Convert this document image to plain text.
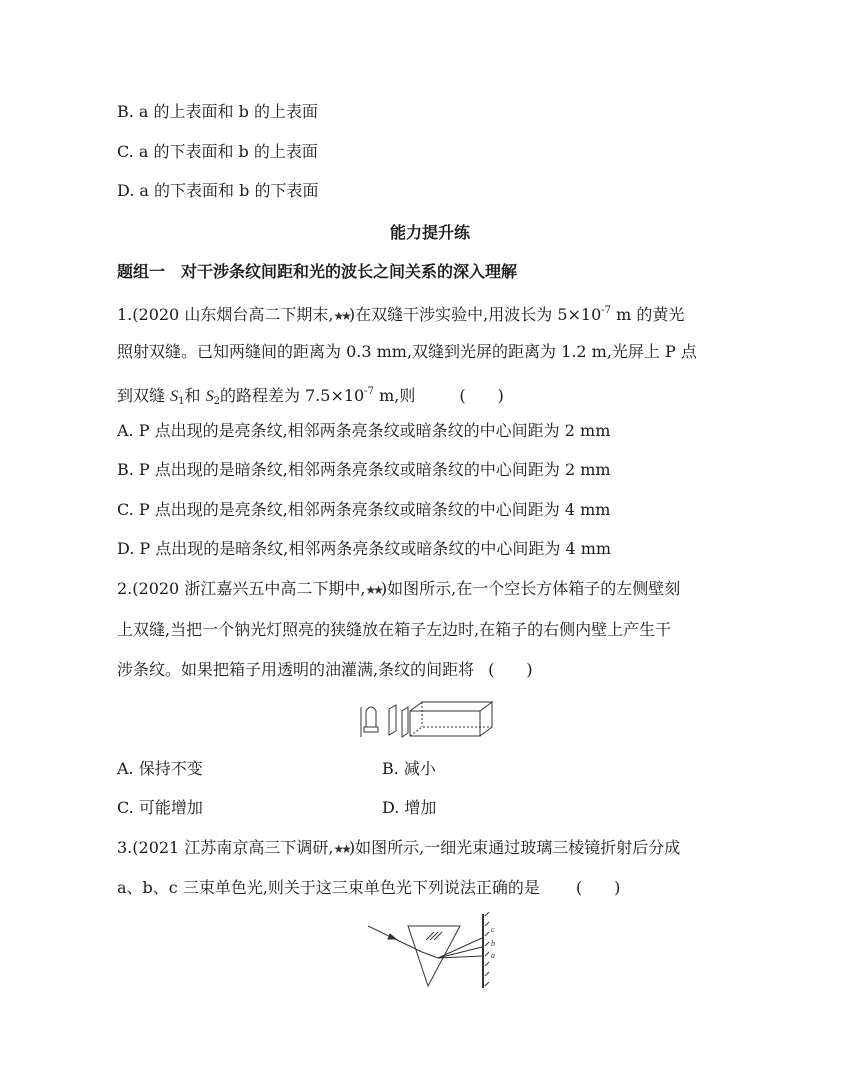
B. a 的上表面和 b 的上表面
C. a 的下表面和 b 的上表面
D. a 的下表面和 b 的下表面
能力提升练
题组一　对干涉条纹间距和光的波长之间关系的深入理解
1.(2020 山东烟台高二下期末,★★)在双缝干涉实验中,用波长为 $5\times 10^{-7}$ m 的黄光
照射双缝。已知两缝间的距离为 0.3 mm,双缝到光屏的距离为 1.2 m,光屏上 P 点
到双缝 $S_1$和 $S_2$的路程差为 $7.5\times 10^{-7}$ m,则	(　　)
A. P 点出现的是亮条纹,相邻两条亮条纹或暗条纹的中心间距为 2 mm
B. P 点出现的是暗条纹,相邻两条亮条纹或暗条纹的中心间距为 2 mm
C. P 点出现的是亮条纹,相邻两条亮条纹或暗条纹的中心间距为 4 mm
D. P 点出现的是暗条纹,相邻两条亮条纹或暗条纹的中心间距为 4 mm
2.(2020 浙江嘉兴五中高二下期中,★★)如图所示,在一个空长方体箱子的左侧壁刻
上双缝,当把一个钠光灯照亮的狭缝放在箱子左边时,在箱子的右侧内壁上产生干
涉条纹。如果把箱子用透明的油灌满,条纹的间距将 (　　)
A. 保持不变	B. 减小
C. 可能增加	D. 增加
3.(2021 江苏南京高三下调研,★★)如图所示,一细光束通过玻璃三棱镜折射后分成
a、b、c 三束单色光,则关于这三束单色光下列说法正确的是 (　　)
c
b
a
